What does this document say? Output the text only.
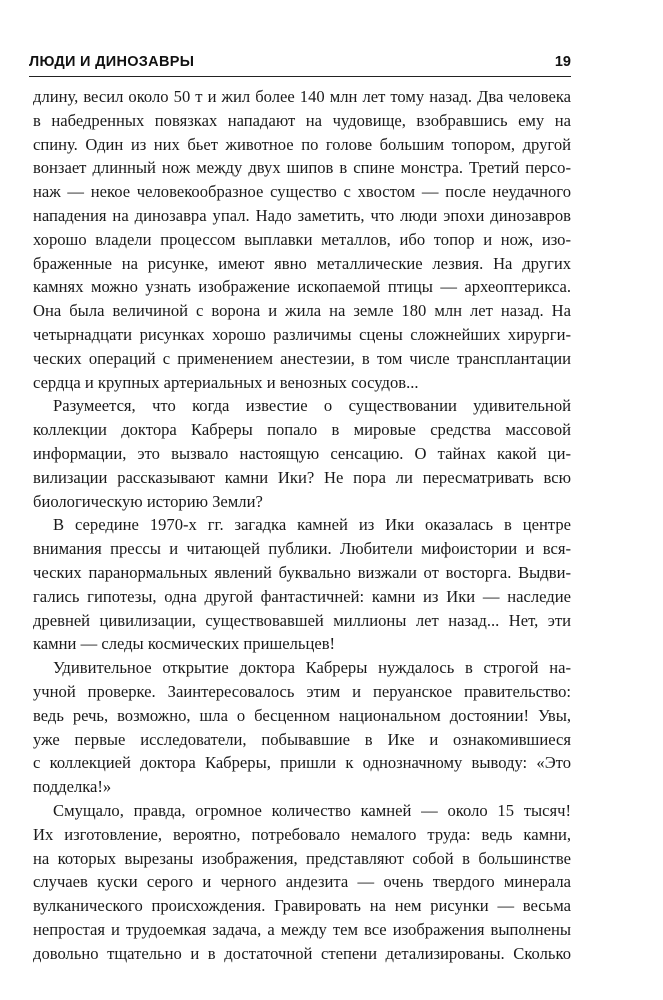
ЛЮДИ И ДИНОЗАВРЫ	19
длину, весил около 50 т и жил более 140 млн лет тому назад. Два человека
в набедренных повязках нападают на чудовище, взобравшись ему на
спину. Один из них бьет животное по голове большим топором, другой
вонзает длинный нож между двух шипов в спине монстра. Третий персо-
наж — некое человекообразное существо с хвостом — после неудачного
нападения на динозавра упал. Надо заметить, что люди эпохи динозавров
хорошо владели процессом выплавки металлов, ибо топор и нож, изо-
браженные на рисунке, имеют явно металлические лезвия. На других
камнях можно узнать изображение ископаемой птицы — археоптерикса.
Она была величиной с ворона и жила на земле 180 млн лет назад. На
четырнадцати рисунках хорошо различимы сцены сложнейших хирурги-
ческих операций с применением анестезии, в том числе трансплантации
сердца и крупных артериальных и венозных сосудов...
Разумеется, что когда известие о существовании удивительной
коллекции доктора Кабреры попало в мировые средства массовой
информации, это вызвало настоящую сенсацию. О тайнах какой ци-
вилизации рассказывают камни Ики? Не пора ли пересматривать всю
биологическую историю Земли?
В середине 1970-х гг. загадка камней из Ики оказалась в центре
внимания прессы и читающей публики. Любители мифоистории и вся-
ческих паранормальных явлений буквально визжали от восторга. Выдви-
гались гипотезы, одна другой фантастичней: камни из Ики — наследие
древней цивилизации, существовавшей миллионы лет назад... Нет, эти
камни — следы космических пришельцев!
Удивительное открытие доктора Кабреры нуждалось в строгой на-
учной проверке. Заинтересовалось этим и перуанское правительство:
ведь речь, возможно, шла о бесценном национальном достоянии! Увы,
уже первые исследователи, побывавшие в Ике и ознакомившиеся
с коллекцией доктора Кабреры, пришли к однозначному выводу: «Это
подделка!»
Смущало, правда, огромное количество камней — около 15 тысяч!
Их изготовление, вероятно, потребовало немалого труда: ведь камни,
на которых вырезаны изображения, представляют собой в большинстве
случаев куски серого и черного андезита — очень твердого минерала
вулканического происхождения. Гравировать на нем рисунки — весьма
непростая и трудоемкая задача, а между тем все изображения выполнены
довольно тщательно и в достаточной степени детализированы. Сколько
